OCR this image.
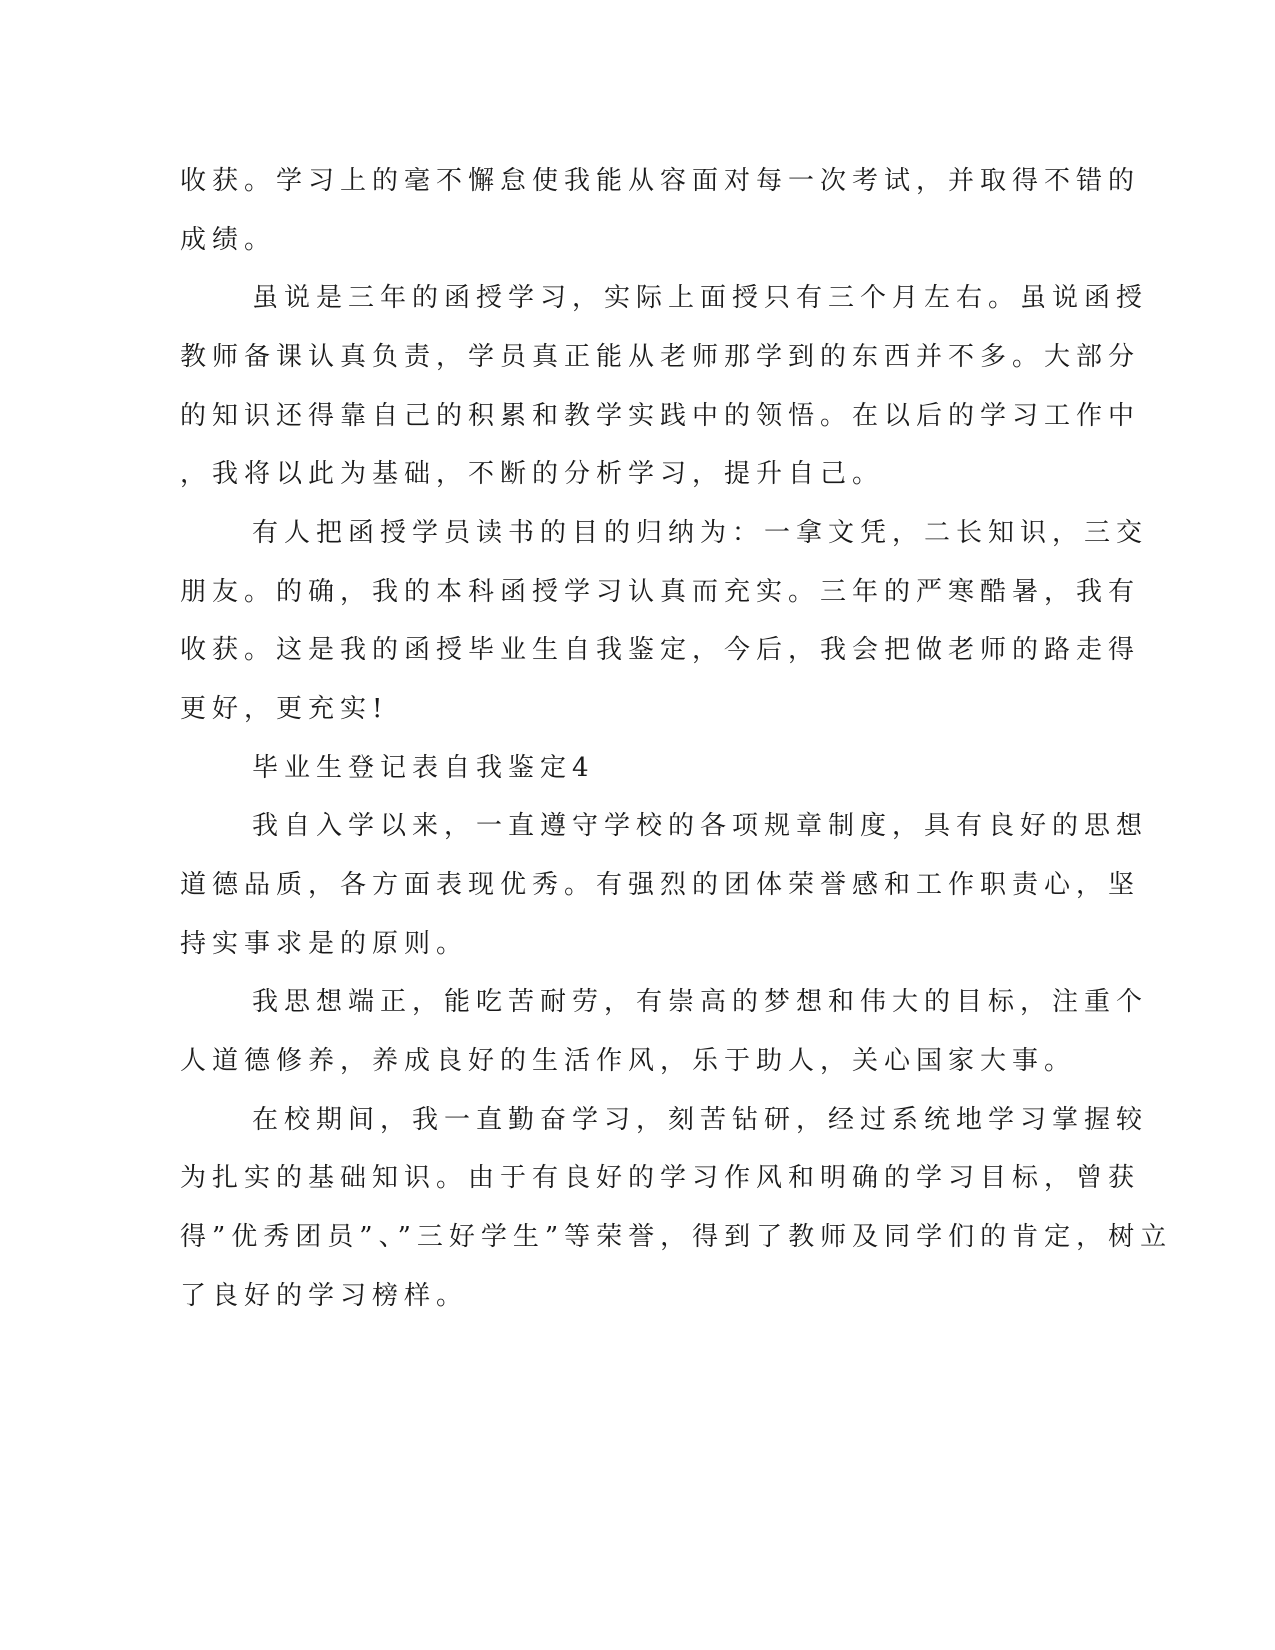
收获。学习上的毫不懈怠使我能从容面对每一次考试，并取得不错的

成绩。

虽说是三年的函授学习，实际上面授只有三个月左右。虽说函授

教师备课认真负责，学员真正能从老师那学到的东西并不多。大部分

的知识还得靠自己的积累和教学实践中的领悟。在以后的学习工作中

，我将以此为基础，不断的分析学习，提升自己。

有人把函授学员读书的目的归纳为：一拿文凭，二长知识，三交

朋友。的确，我的本科函授学习认真而充实。三年的严寒酷暑，我有

收获。这是我的函授毕业生自我鉴定，今后，我会把做老师的路走得

更好，更充实!

毕业生登记表自我鉴定4

我自入学以来，一直遵守学校的各项规章制度，具有良好的思想

道德品质，各方面表现优秀。有强烈的团体荣誉感和工作职责心，坚

持实事求是的原则。

我思想端正，能吃苦耐劳，有崇高的梦想和伟大的目标，注重个

人道德修养，养成良好的生活作风，乐于助人，关心国家大事。

在校期间，我一直勤奋学习，刻苦钻研，经过系统地学习掌握较

为扎实的基础知识。由于有良好的学习作风和明确的学习目标，曾获

得”优秀团员”、”三好学生”等荣誉，得到了教师及同学们的肯定，树立

了良好的学习榜样。
